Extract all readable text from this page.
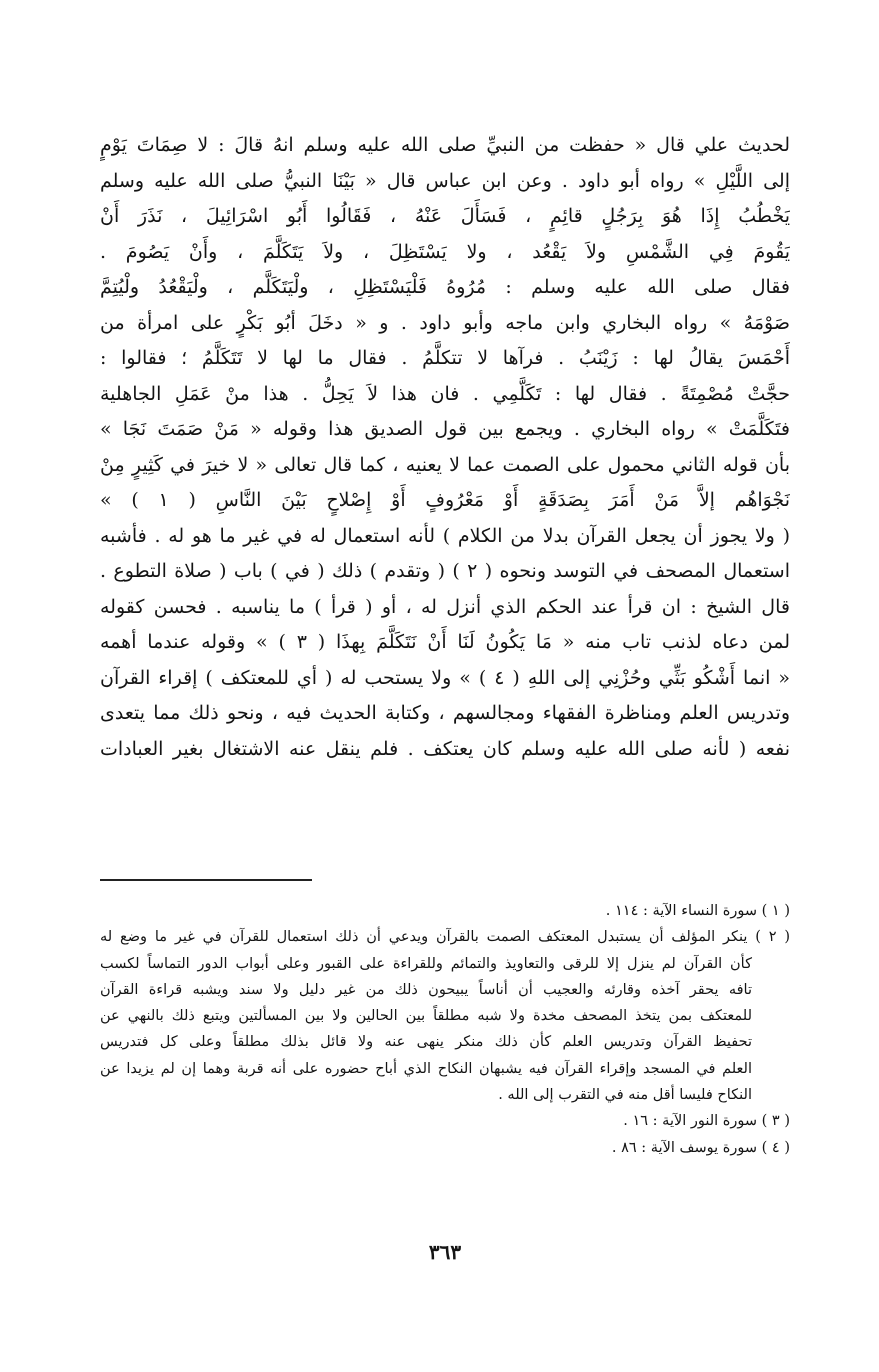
لحديث علي قال « حفظت من النبيِّ صلى الله عليه وسلم انهُ قالَ : لا صِمَاتَ يَوْمٍ
إلى اللَّيْلِ » رواه أبو داود . وعن ابن عباس قال « بَيْنَا النبيُّ صلى الله عليه وسلم
يَخْطُبُ إِذَا هُوَ بِرَجُلٍ قائِمٍ ، فَسَأَلَ عَنْهُ ، فَقَالُوا أَبُو اسْرَائِيلَ ، نَذَرَ أَنْ
يَقُومَ فِي الشَّمْسِ ولاَ يَقْعُد ، ولا يَسْتَظِلَ ، ولاَ يَتَكَلَّمَ ، وأَنْ يَصُومَ .
فقال صلى الله عليه وسلم : مُرُوهُ فَلْيَسْتَظِلِ ، ولْيَتَكَلَّم ، ولْيَقْعُدُ ولْيُتِمَّ
صَوْمَهُ » رواه البخاري وابن ماجه وأبو داود . و « دخَلَ أبُو بَكْرٍ على امرأة من
أَحْمَسَ يقالُ لها : زَيْنَبُ . فرآها لا تتكلَّمُ . فقال ما لها لا تَتَكَلَّمُ ؛ فقالوا :
حجَّتْ مُصْمِتَةً . فقال لها : تَكَلَّمِي . فان هذا لاَ يَحِلُّ . هذا منْ عَمَلِ الجاهلية
فتَكَلَّمَتْ » رواه البخاري . ويجمع بين قول الصديق هذا وقوله « مَنْ صَمَتَ نَجَا »
بأن قوله الثاني محمول على الصمت عما لا يعنيه ، كما قال تعالى « لا خيرَ في كَثِيرٍ مِنْ
نَجْوَاهُم إلاَّ مَنْ أَمَرَ بِصَدَقَةٍ أَوْ مَعْرُوفٍ أَوْ إِصْلاحٍ بَيْنَ النَّاسِ ( ١ ) »
( ولا يجوز أن يجعل القرآن بدلا من الكلام ) لأنه استعمال له في غير ما هو له . فأشبه
استعمال المصحف في التوسد ونحوه ( ٢ ) ( وتقدم ) ذلك ( في ) باب ( صلاة التطوع .
قال الشيخ : ان قرأ عند الحكم الذي أنزل له ، أو ( قرأ ) ما يناسبه . فحسن كقوله
لمن دعاه لذنب تاب منه « مَا يَكُونُ لَنَا أَنْ نَتَكَلَّمَ بِهذَا ( ٣ ) » وقوله عندما أهمه
« انما أَشْكُو بَثِّي وحُزْنِي إلى اللهِ ( ٤ ) » ولا يستحب له ( أي للمعتكف ) إقراء القرآن
وتدريس العلم ومناظرة الفقهاء ومجالسهم ، وكتابة الحديث فيه ، ونحو ذلك مما يتعدى
نفعه ( لأنه صلى الله عليه وسلم كان يعتكف . فلم ينقل عنه الاشتغال بغير العبادات
( ١ ) سورة النساء الآية : ١١٤ .
( ٢ ) ينكر المؤلف أن يستبدل المعتكف الصمت بالقرآن ويدعي أن ذلك استعمال للقرآن في غير ما وضع له
كأن القرآن لم ينزل إلا للرقى والتعاويذ والتمائم وللقراءة على القبور وعلى أبواب الدور التماساً لكسب
تافه يحقر آخذه وقارئه والعجيب أن أناساً يبيحون ذلك من غير دليل ولا سند ويشبه قراءة القرآن
للمعتكف بمن يتخذ المصحف مخدة ولا شبه مطلقاً بين الحالين ولا بين المسألتين ويتبع ذلك بالنهي عن
تحفيظ القرآن وتدريس العلم كأن ذلك منكر ينهى عنه ولا قائل بذلك مطلقاً وعلى كل فتدريس
العلم في المسجد وإقراء القرآن فيه يشبهان النكاح الذي أباح حضوره على أنه قربة وهما إن لم يزيدا عن
النكاح فليسا أقل منه في التقرب إلى الله .
( ٣ ) سورة النور الآية : ١٦ .
( ٤ ) سورة يوسف الآية : ٨٦ .
٣٦٣
